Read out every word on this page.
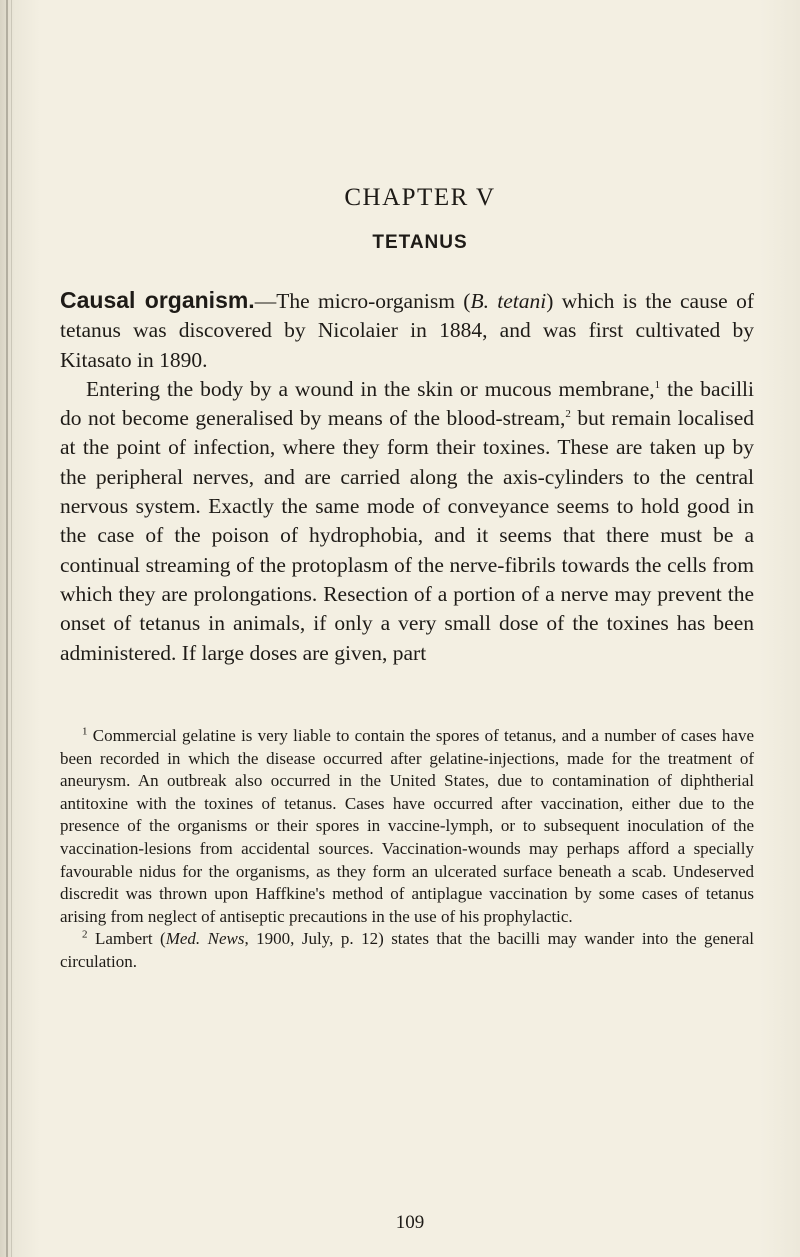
CHAPTER V
TETANUS

Causal organism.—The micro-organism (B. tetani) which is the cause of tetanus was discovered by Nicolaier in 1884, and was first cultivated by Kitasato in 1890.

Entering the body by a wound in the skin or mucous membrane,$^1$ the bacilli do not become generalised by means of the blood-stream,$^2$ but remain localised at the point of infection, where they form their toxines. These are taken up by the peripheral nerves, and are carried along the axis-cylinders to the central nervous system. Exactly the same mode of conveyance seems to hold good in the case of the poison of hydrophobia, and it seems that there must be a continual streaming of the protoplasm of the nerve-fibrils towards the cells from which they are prolongations. Resection of a portion of a nerve may prevent the onset of tetanus in animals, if only a very small dose of the toxines has been administered. If large doses are given, part

$^1$ Commercial gelatine is very liable to contain the spores of tetanus, and a number of cases have been recorded in which the disease occurred after gelatine-injections, made for the treatment of aneurysm. An outbreak also occurred in the United States, due to contamination of diphtherial antitoxine with the toxines of tetanus. Cases have occurred after vaccination, either due to the presence of the organisms or their spores in vaccine-lymph, or to subsequent inoculation of the vaccination-lesions from accidental sources. Vaccination-wounds may perhaps afford a specially favourable nidus for the organisms, as they form an ulcerated surface beneath a scab. Undeserved discredit was thrown upon Haffkine's method of antiplague vaccination by some cases of tetanus arising from neglect of antiseptic precautions in the use of his prophylactic.

$^2$ Lambert (Med. News, 1900, July, p. 12) states that the bacilli may wander into the general circulation.

109
